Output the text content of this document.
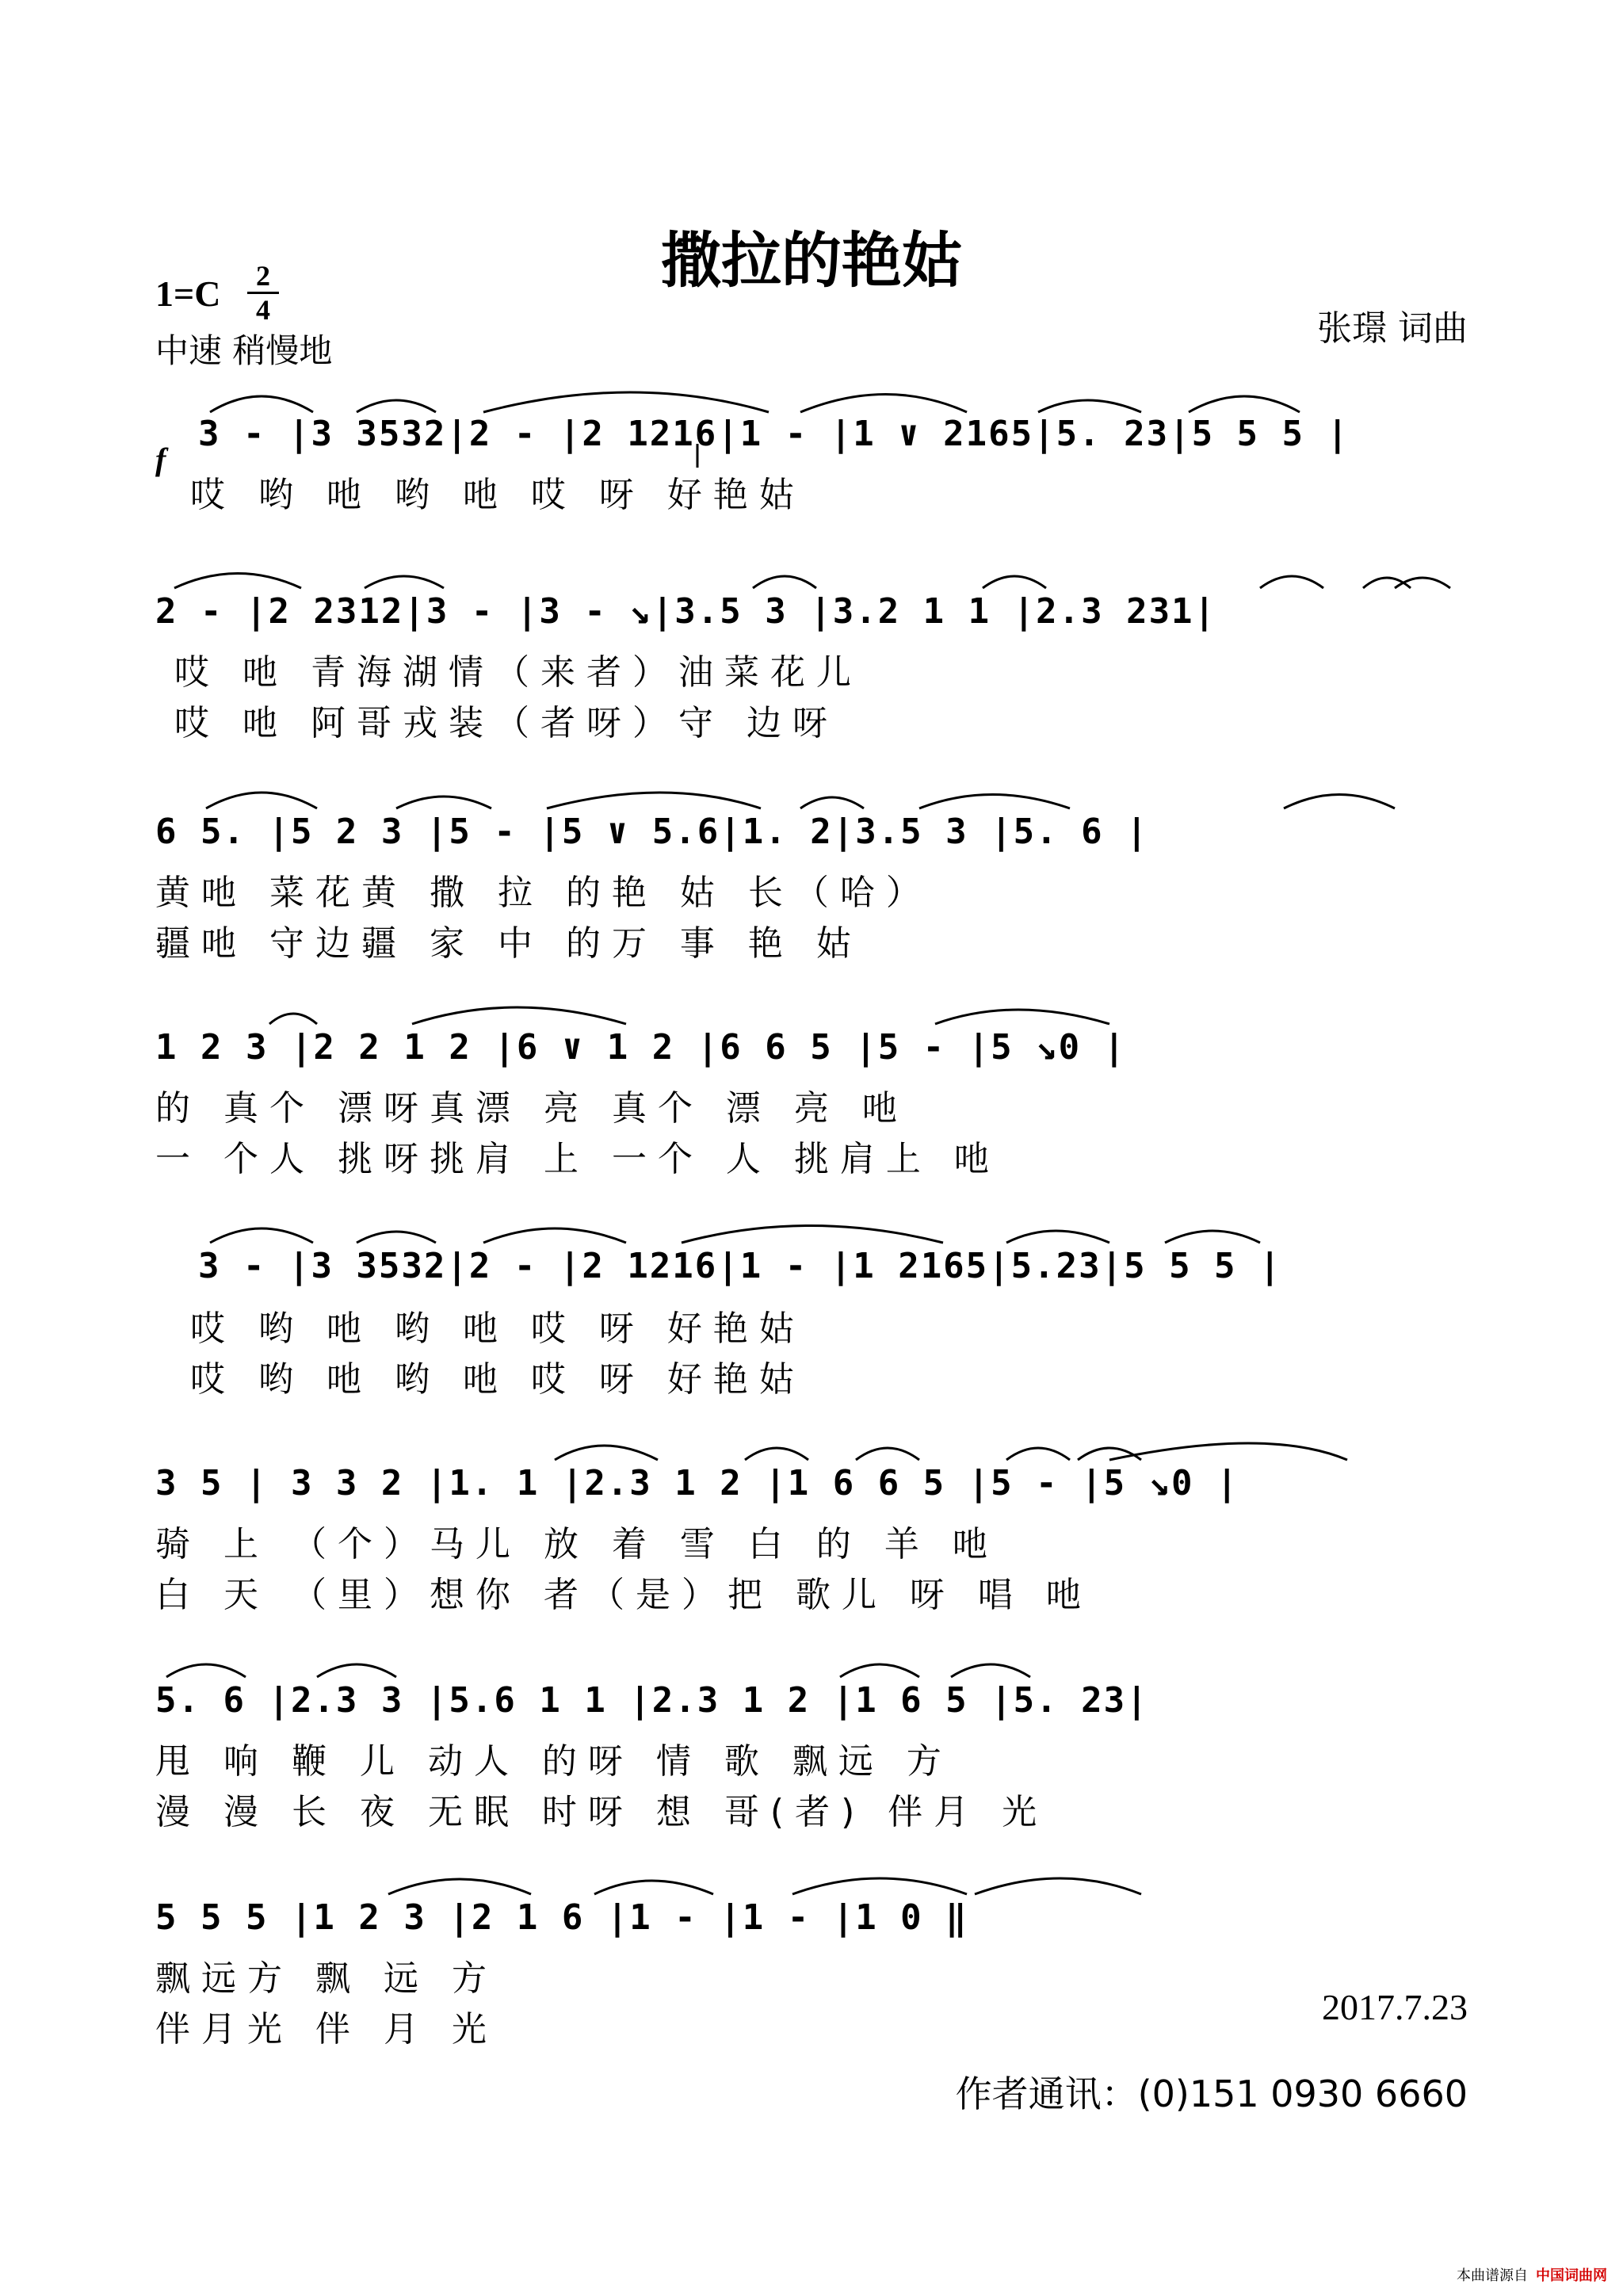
撒拉的艳姑
$1=C \frac{2}{4}$
中速 稍慢地
张璟 词曲
f
3 - |3 3532|2 - |2 1216|1 - |1 ∨ 2165|5. 23|5 5 5 |
哎 哟 吔 哟 吔 哎 呀 好艳姑
2 - |2 2312|3 - |3 - ↘|3.5 3 |3.2 1 1 |2.3 231|
哎 吔 青海湖情（来者）油菜花儿
哎 吔 阿哥戎装（者呀）守 边呀
6 5. |5 2 3 |5 - |5 ∨ 5.6|1. 2|3.5 3 |5. 6 |
黄吔 菜花黄 撒 拉 的艳 姑 长（哈）
疆吔 守边疆 家 中 的万 事 艳 姑
1 2 3 |2 2 1 2 |6 ∨ 1 2 |6 6 5 |5 - |5 ↘0 |
的 真个 漂呀真漂 亮 真个 漂 亮 吔
一 个人 挑呀挑肩 上 一个 人 挑肩上 吔
3 - |3 3532|2 - |2 1216|1 - |1 2165|5.23|5 5 5 |
哎 哟 吔 哟 吔 哎 呀 好艳姑
哎 哟 吔 哟 吔 哎 呀 好艳姑
3 5 | 3 3 2 |1. 1 |2.3 1 2 |1 6 6 5 |5 - |5 ↘0 |
骑 上 （个）马儿 放 着 雪 白 的 羊 吔
白 天 （里）想你 者（是）把 歌儿 呀 唱 吔
5. 6 |2.3 3 |5.6 1 1 |2.3 1 2 |1 6 5 |5. 23|
甩 响 鞭 儿 动人 的呀 情 歌 飘远 方
漫 漫 长 夜 无眠 时呀 想 哥(者) 伴月 光
5 5 5 |1 2 3 |2 1 6 |1 - |1 - |1 0 ‖
飘远方 飘 远 方
伴月光 伴 月 光
2017.7.23
作者通讯：(0)151 0930 6660
本曲谱源自 中国词曲网
